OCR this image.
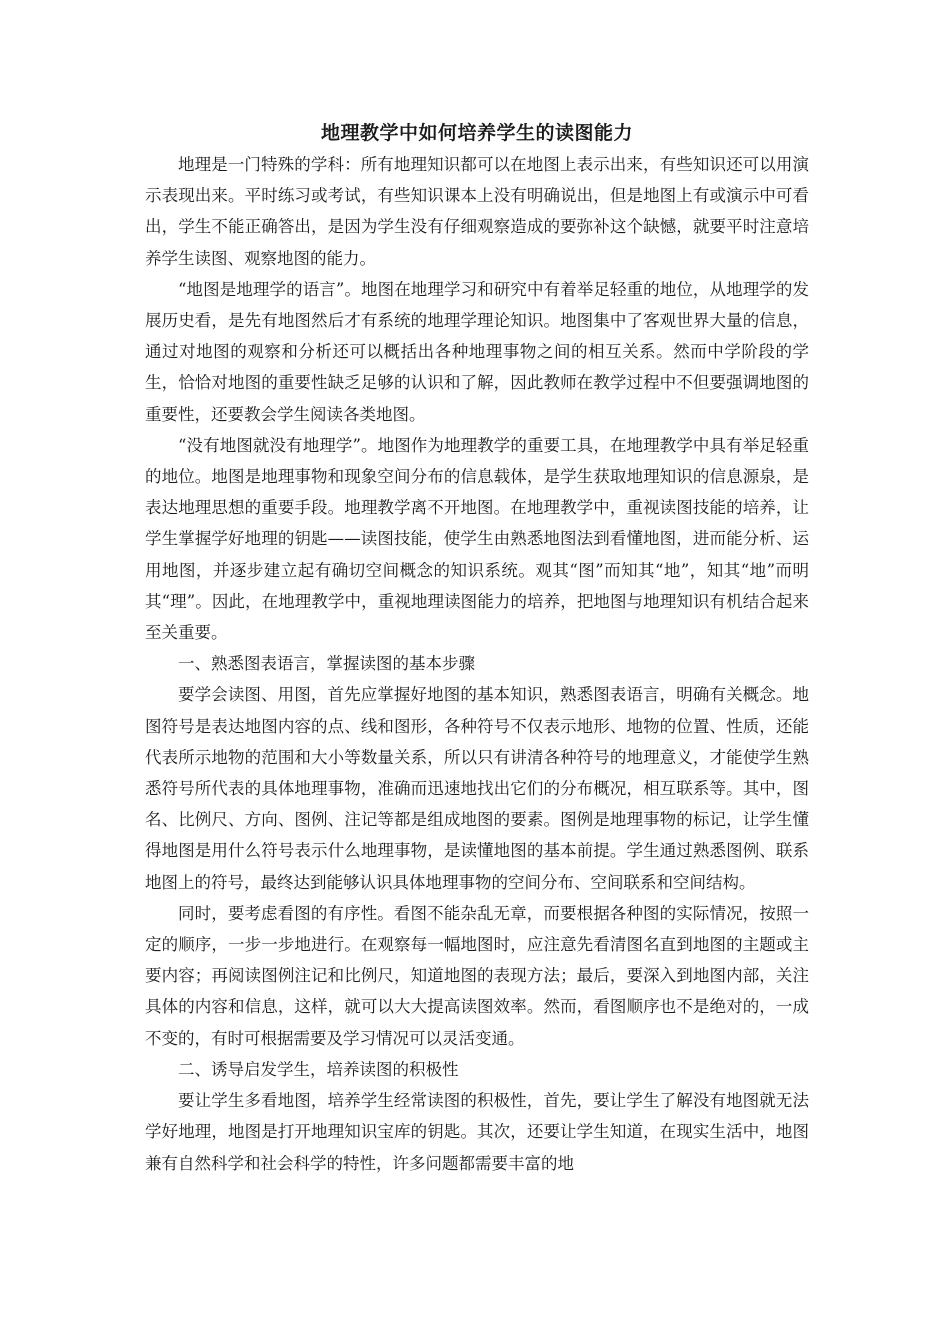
地理教学中如何培养学生的读图能力

地理是一门特殊的学科：所有地理知识都可以在地图上表示出来，有些知识还可以用演示表现出来。平时练习或考试，有些知识课本上没有明确说出，但是地图上有或演示中可看出，学生不能正确答出，是因为学生没有仔细观察造成的要弥补这个缺憾，就要平时注意培养学生读图、观察地图的能力。

“地图是地理学的语言”。地图在地理学习和研究中有着举足轻重的地位，从地理学的发展历史看，是先有地图然后才有系统的地理学理论知识。地图集中了客观世界大量的信息，通过对地图的观察和分析还可以概括出各种地理事物之间的相互关系。然而中学阶段的学生，恰恰对地图的重要性缺乏足够的认识和了解，因此教师在教学过程中不但要强调地图的重要性，还要教会学生阅读各类地图。

“没有地图就没有地理学”。地图作为地理教学的重要工具，在地理教学中具有举足轻重的地位。地图是地理事物和现象空间分布的信息载体，是学生获取地理知识的信息源泉，是表达地理思想的重要手段。地理教学离不开地图。在地理教学中，重视读图技能的培养，让学生掌握学好地理的钥匙——读图技能，使学生由熟悉地图法到看懂地图，进而能分析、运用地图，并逐步建立起有确切空间概念的知识系统。观其“图”而知其“地”，知其“地”而明其“理”。因此，在地理教学中，重视地理读图能力的培养，把地图与地理知识有机结合起来至关重要。

一、熟悉图表语言，掌握读图的基本步骤

要学会读图、用图，首先应掌握好地图的基本知识，熟悉图表语言，明确有关概念。地图符号是表达地图内容的点、线和图形，各种符号不仅表示地形、地物的位置、性质，还能代表所示地物的范围和大小等数量关系，所以只有讲清各种符号的地理意义，才能使学生熟悉符号所代表的具体地理事物，准确而迅速地找出它们的分布概况，相互联系等。其中，图名、比例尺、方向、图例、注记等都是组成地图的要素。图例是地理事物的标记，让学生懂得地图是用什么符号表示什么地理事物，是读懂地图的基本前提。学生通过熟悉图例、联系地图上的符号，最终达到能够认识具体地理事物的空间分布、空间联系和空间结构。

同时，要考虑看图的有序性。看图不能杂乱无章，而要根据各种图的实际情况，按照一定的顺序，一步一步地进行。在观察每一幅地图时，应注意先看清图名直到地图的主题或主要内容；再阅读图例注记和比例尺，知道地图的表现方法；最后，要深入到地图内部，关注具体的内容和信息，这样，就可以大大提高读图效率。然而，看图顺序也不是绝对的，一成不变的，有时可根据需要及学习情况可以灵活变通。

二、诱导启发学生，培养读图的积极性

要让学生多看地图，培养学生经常读图的积极性，首先，要让学生了解没有地图就无法学好地理，地图是打开地理知识宝库的钥匙。其次，还要让学生知道，在现实生活中，地图兼有自然科学和社会科学的特性，许多问题都需要丰富的地
